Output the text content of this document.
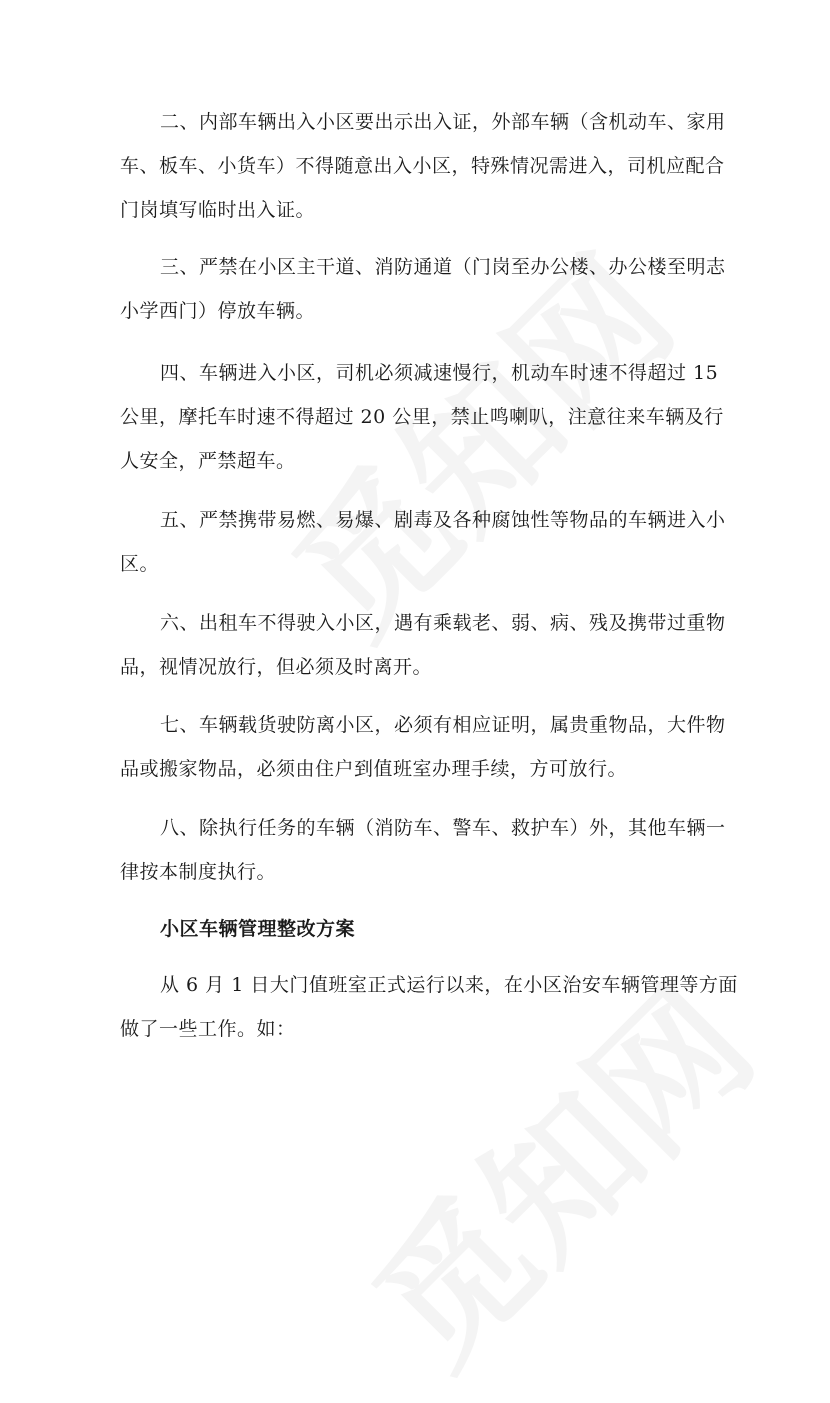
二、内部车辆出入小区要出示出入证，外部车辆（含机动车、家用
车、板车、小货车）不得随意出入小区，特殊情况需进入，司机应配合
门岗填写临时出入证。
三、严禁在小区主干道、消防通道（门岗至办公楼、办公楼至明志
小学西门）停放车辆。
四、车辆进入小区，司机必须减速慢行，机动车时速不得超过 15
公里，摩托车时速不得超过 20 公里，禁止鸣喇叭，注意往来车辆及行
人安全，严禁超车。
五、严禁携带易燃、易爆、剧毒及各种腐蚀性等物品的车辆进入小
区。
六、出租车不得驶入小区，遇有乘载老、弱、病、残及携带过重物
品，视情况放行，但必须及时离开。
七、车辆载货驶防离小区，必须有相应证明，属贵重物品，大件物
品或搬家物品，必须由住户到值班室办理手续，方可放行。
八、除执行任务的车辆（消防车、警车、救护车）外，其他车辆一
律按本制度执行。
小区车辆管理整改方案
从 6 月 1 日大门值班室正式运行以来，在小区治安车辆管理等方面
做了一些工作。如：
